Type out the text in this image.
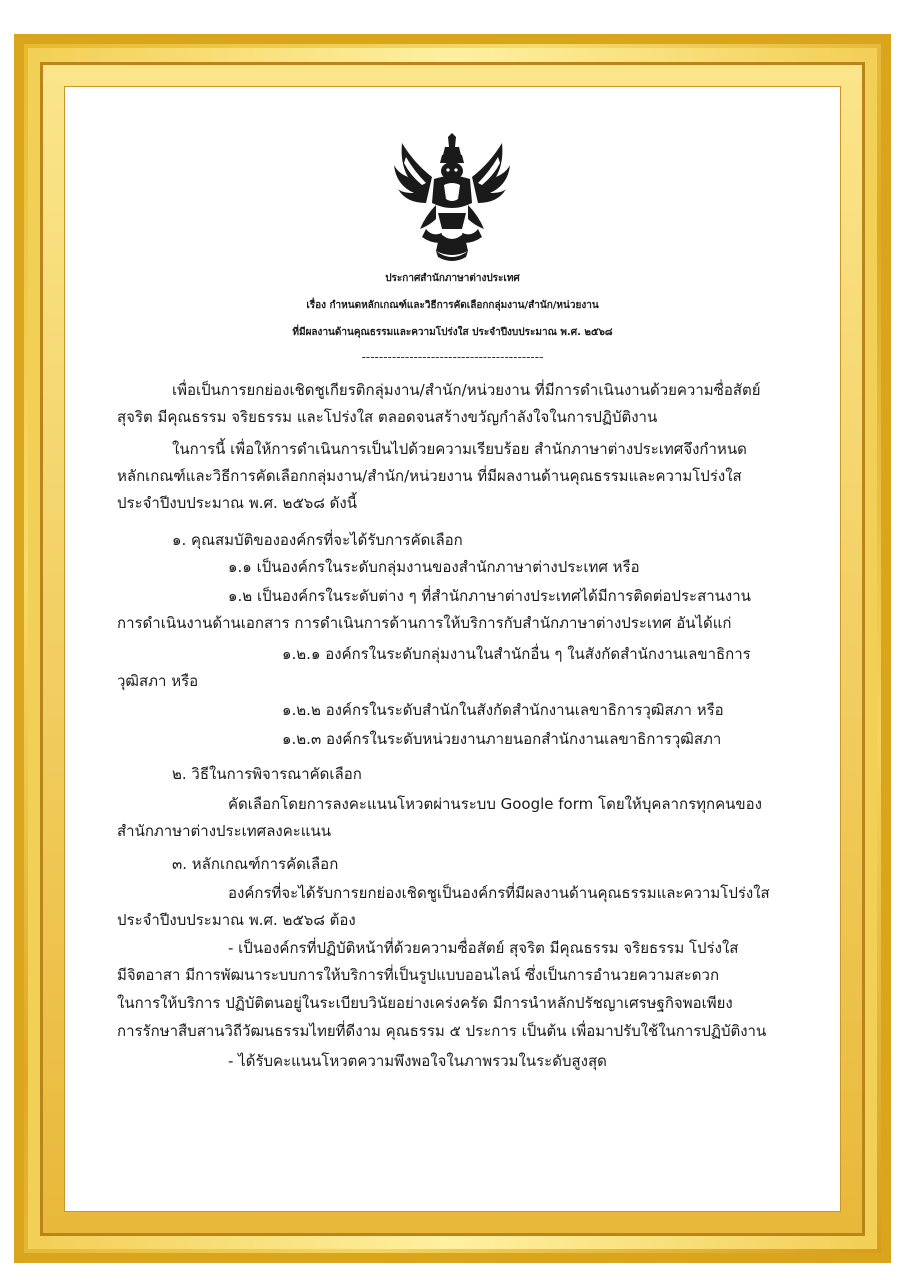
ประกาศสำนักภาษาต่างประเทศ
เรื่อง กำหนดหลักเกณฑ์และวิธีการคัดเลือกกลุ่มงาน/สำนัก/หน่วยงาน
ที่มีผลงานด้านคุณธรรมและความโปร่งใส ประจำปีงบประมาณ พ.ศ. ๒๕๖๘
------------------------------------------
เพื่อเป็นการยกย่องเชิดชูเกียรติกลุ่มงาน/สำนัก/หน่วยงาน ที่มีการดำเนินงานด้วยความซื่อสัตย์
สุจริต มีคุณธรรม จริยธรรม และโปร่งใส ตลอดจนสร้างขวัญกำลังใจในการปฏิบัติงาน
ในการนี้ เพื่อให้การดำเนินการเป็นไปด้วยความเรียบร้อย สำนักภาษาต่างประเทศจึงกำหนด
หลักเกณฑ์และวิธีการคัดเลือกกลุ่มงาน/สำนัก/หน่วยงาน ที่มีผลงานด้านคุณธรรมและความโปร่งใส
ประจำปีงบประมาณ พ.ศ. ๒๕๖๘ ดังนี้
๑. คุณสมบัติขององค์กรที่จะได้รับการคัดเลือก
๑.๑ เป็นองค์กรในระดับกลุ่มงานของสำนักภาษาต่างประเทศ หรือ
๑.๒ เป็นองค์กรในระดับต่าง ๆ ที่สำนักภาษาต่างประเทศได้มีการติดต่อประสานงาน
การดำเนินงานด้านเอกสาร การดำเนินการด้านการให้บริการกับสำนักภาษาต่างประเทศ อันได้แก่
๑.๒.๑ องค์กรในระดับกลุ่มงานในสำนักอื่น ๆ ในสังกัดสำนักงานเลขาธิการ
วุฒิสภา หรือ
๑.๒.๒ องค์กรในระดับสำนักในสังกัดสำนักงานเลขาธิการวุฒิสภา หรือ
๑.๒.๓ องค์กรในระดับหน่วยงานภายนอกสำนักงานเลขาธิการวุฒิสภา
๒. วิธีในการพิจารณาคัดเลือก
คัดเลือกโดยการลงคะแนนโหวตผ่านระบบ Google form โดยให้บุคลากรทุกคนของ
สำนักภาษาต่างประเทศลงคะแนน
๓. หลักเกณฑ์การคัดเลือก
องค์กรที่จะได้รับการยกย่องเชิดชูเป็นองค์กรที่มีผลงานด้านคุณธรรมและความโปร่งใส
ประจำปีงบประมาณ พ.ศ. ๒๕๖๘ ต้อง
- เป็นองค์กรที่ปฏิบัติหน้าที่ด้วยความซื่อสัตย์ สุจริต มีคุณธรรม จริยธรรม โปร่งใส
มีจิตอาสา มีการพัฒนาระบบการให้บริการที่เป็นรูปแบบออนไลน์ ซึ่งเป็นการอำนวยความสะดวก
ในการให้บริการ ปฏิบัติตนอยู่ในระเบียบวินัยอย่างเคร่งครัด มีการนำหลักปรัชญาเศรษฐกิจพอเพียง
การรักษาสืบสานวิถีวัฒนธรรมไทยที่ดีงาม คุณธรรม ๕ ประการ เป็นต้น เพื่อมาปรับใช้ในการปฏิบัติงาน
- ได้รับคะแนนโหวตความพึงพอใจในภาพรวมในระดับสูงสุด
